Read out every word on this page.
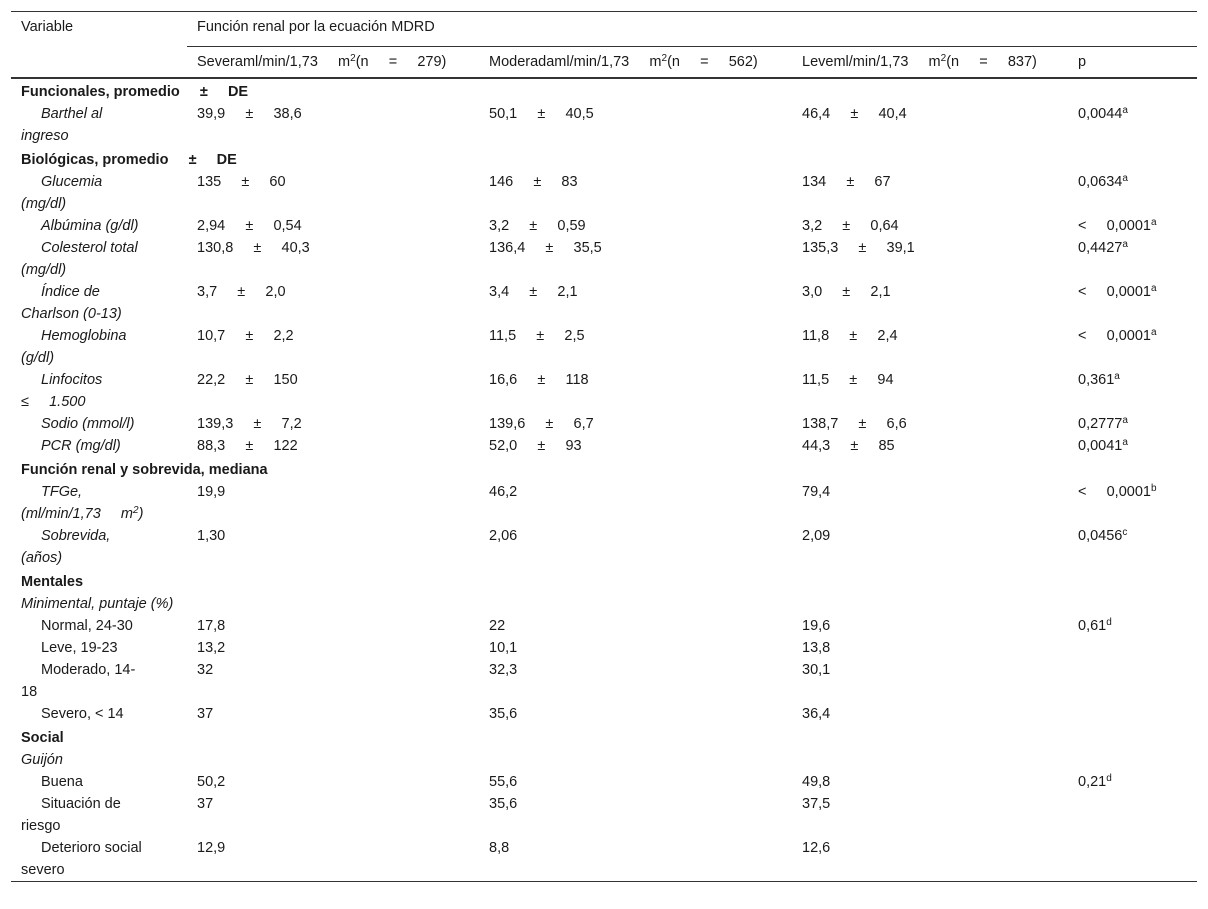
Variable	Función renal por la ecuación MDRD			
	Severaml/min/1,73 $m^2(n$     =     279)	Moderadaml/min/1,73 $m^2(n$     =     562)	Leveml/min/1,73 $m^2(n$     =     837)	p
Funcionales, promedio     ±     DE				
Barthel al
ingreso	39,9     ±     38,6	50,1     ±     40,5	46,4     ±     40,4	0,0044$^a$
Biológicas, promedio     ±     DE				
Glucemia
(mg/dl)	135     ±     60	146     ±     83	134     ±     67	0,0634$^a$
Albúmina (g/dl)	2,94     ±     0,54	3,2     ±     0,59	3,2     ±     0,64	<     0,0001$^a$
Colesterol total
(mg/dl)	130,8     ±     40,3	136,4     ±     35,5	135,3     ±     39,1	0,4427$^a$
Índice de
Charlson (0-13)	3,7     ±     2,0	3,4     ±     2,1	3,0     ±     2,1	<     0,0001$^a$
Hemoglobina
(g/dl)	10,7     ±     2,2	11,5     ±     2,5	11,8     ±     2,4	<     0,0001$^a$
Linfocitos
≤     1.500	22,2     ±     150	16,6     ±     118	11,5     ±     94	0,361$^a$
Sodio (mmol/l)	139,3     ±     7,2	139,6     ±     6,7	138,7     ±     6,6	0,2777$^a$
PCR (mg/dl)	88,3     ±     122	52,0     ±     93	44,3     ±     85	0,0041$^a$
Función renal y sobrevida, mediana				
TFGe,
(ml/min/1,73     $m^2$)	19,9	46,2	79,4	<     0,0001$^b$
Sobrevida,
(años)	1,30	2,06	2,09	0,0456$^c$
Mentales				
Minimental, puntaje (%)				
Normal, 24-30	17,8	22	19,6	0,61$^d$
Leve, 19-23	13,2	10,1	13,8	
Moderado, 14-
18	32	32,3	30,1	
Severo, < 14	37	35,6	36,4	
Social				
Guijón				
Buena	50,2	55,6	49,8	0,21$^d$
Situación de
riesgo	37	35,6	37,5	
Deterioro social
severo	12,9	8,8	12,6	
